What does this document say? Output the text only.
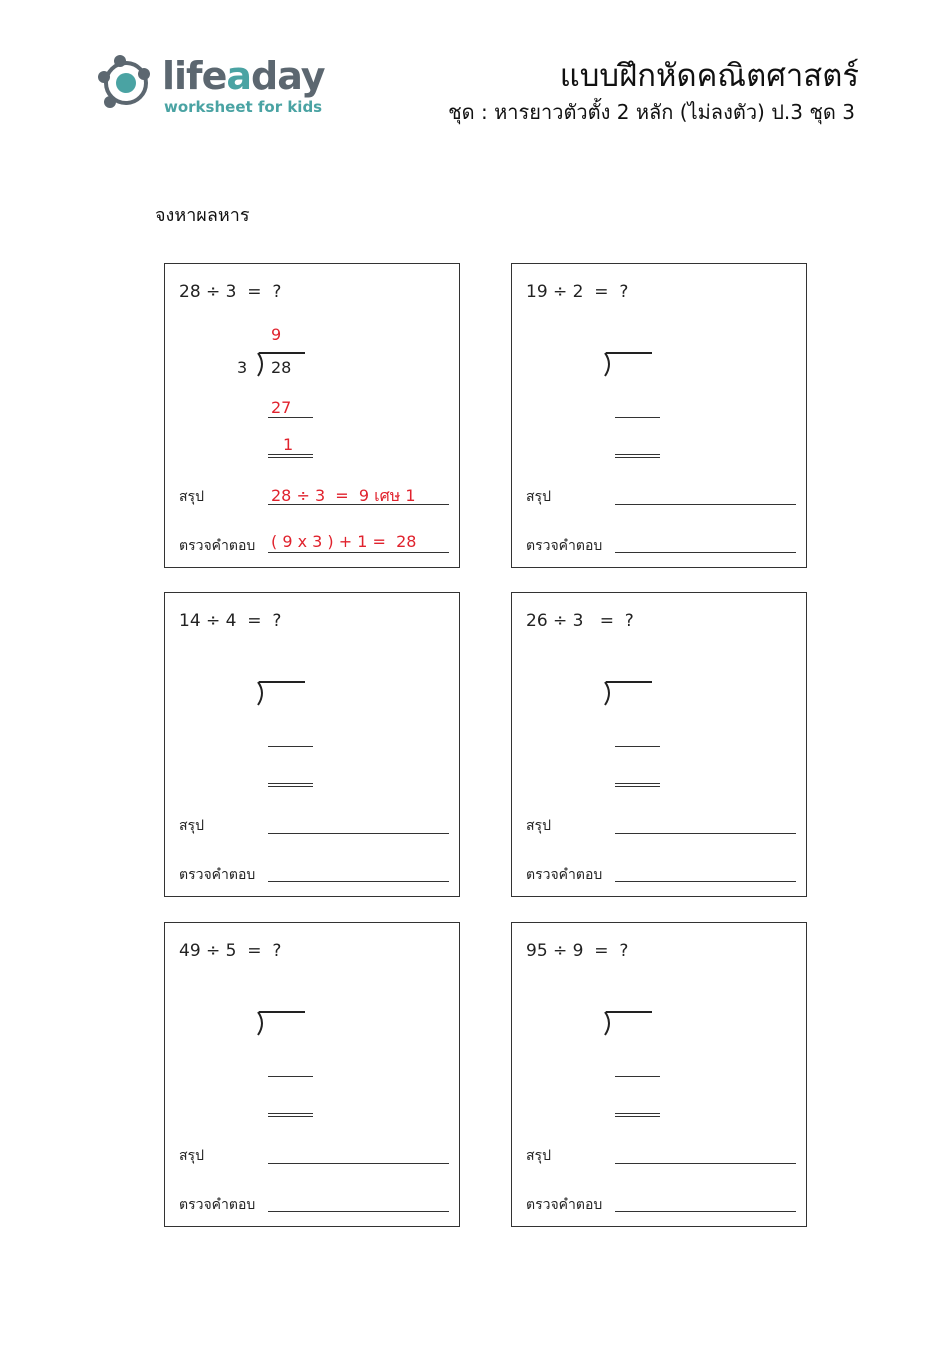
lifeaday
worksheet for kids
แบบฝึกหัดคณิตศาสตร์
ชุด : หารยาวตัวตั้ง 2 หลัก (ไม่ลงตัว) ป.3 ชุด 3
จงหาผลหาร
28 ÷ 3  =  ?
9
3 28
27
1
สรุป	28 ÷ 3  =  9 เศษ 1
ตรวจคำตอบ ( 9 x 3 ) + 1 =  28
19 ÷ 2  =  ?
สรุป
ตรวจคำตอบ
14 ÷ 4  =  ?
สรุป
ตรวจคำตอบ
26 ÷ 3   =  ?
สรุป
ตรวจคำตอบ
49 ÷ 5  =  ?
สรุป
ตรวจคำตอบ
95 ÷ 9  =  ?
สรุป
ตรวจคำตอบ
